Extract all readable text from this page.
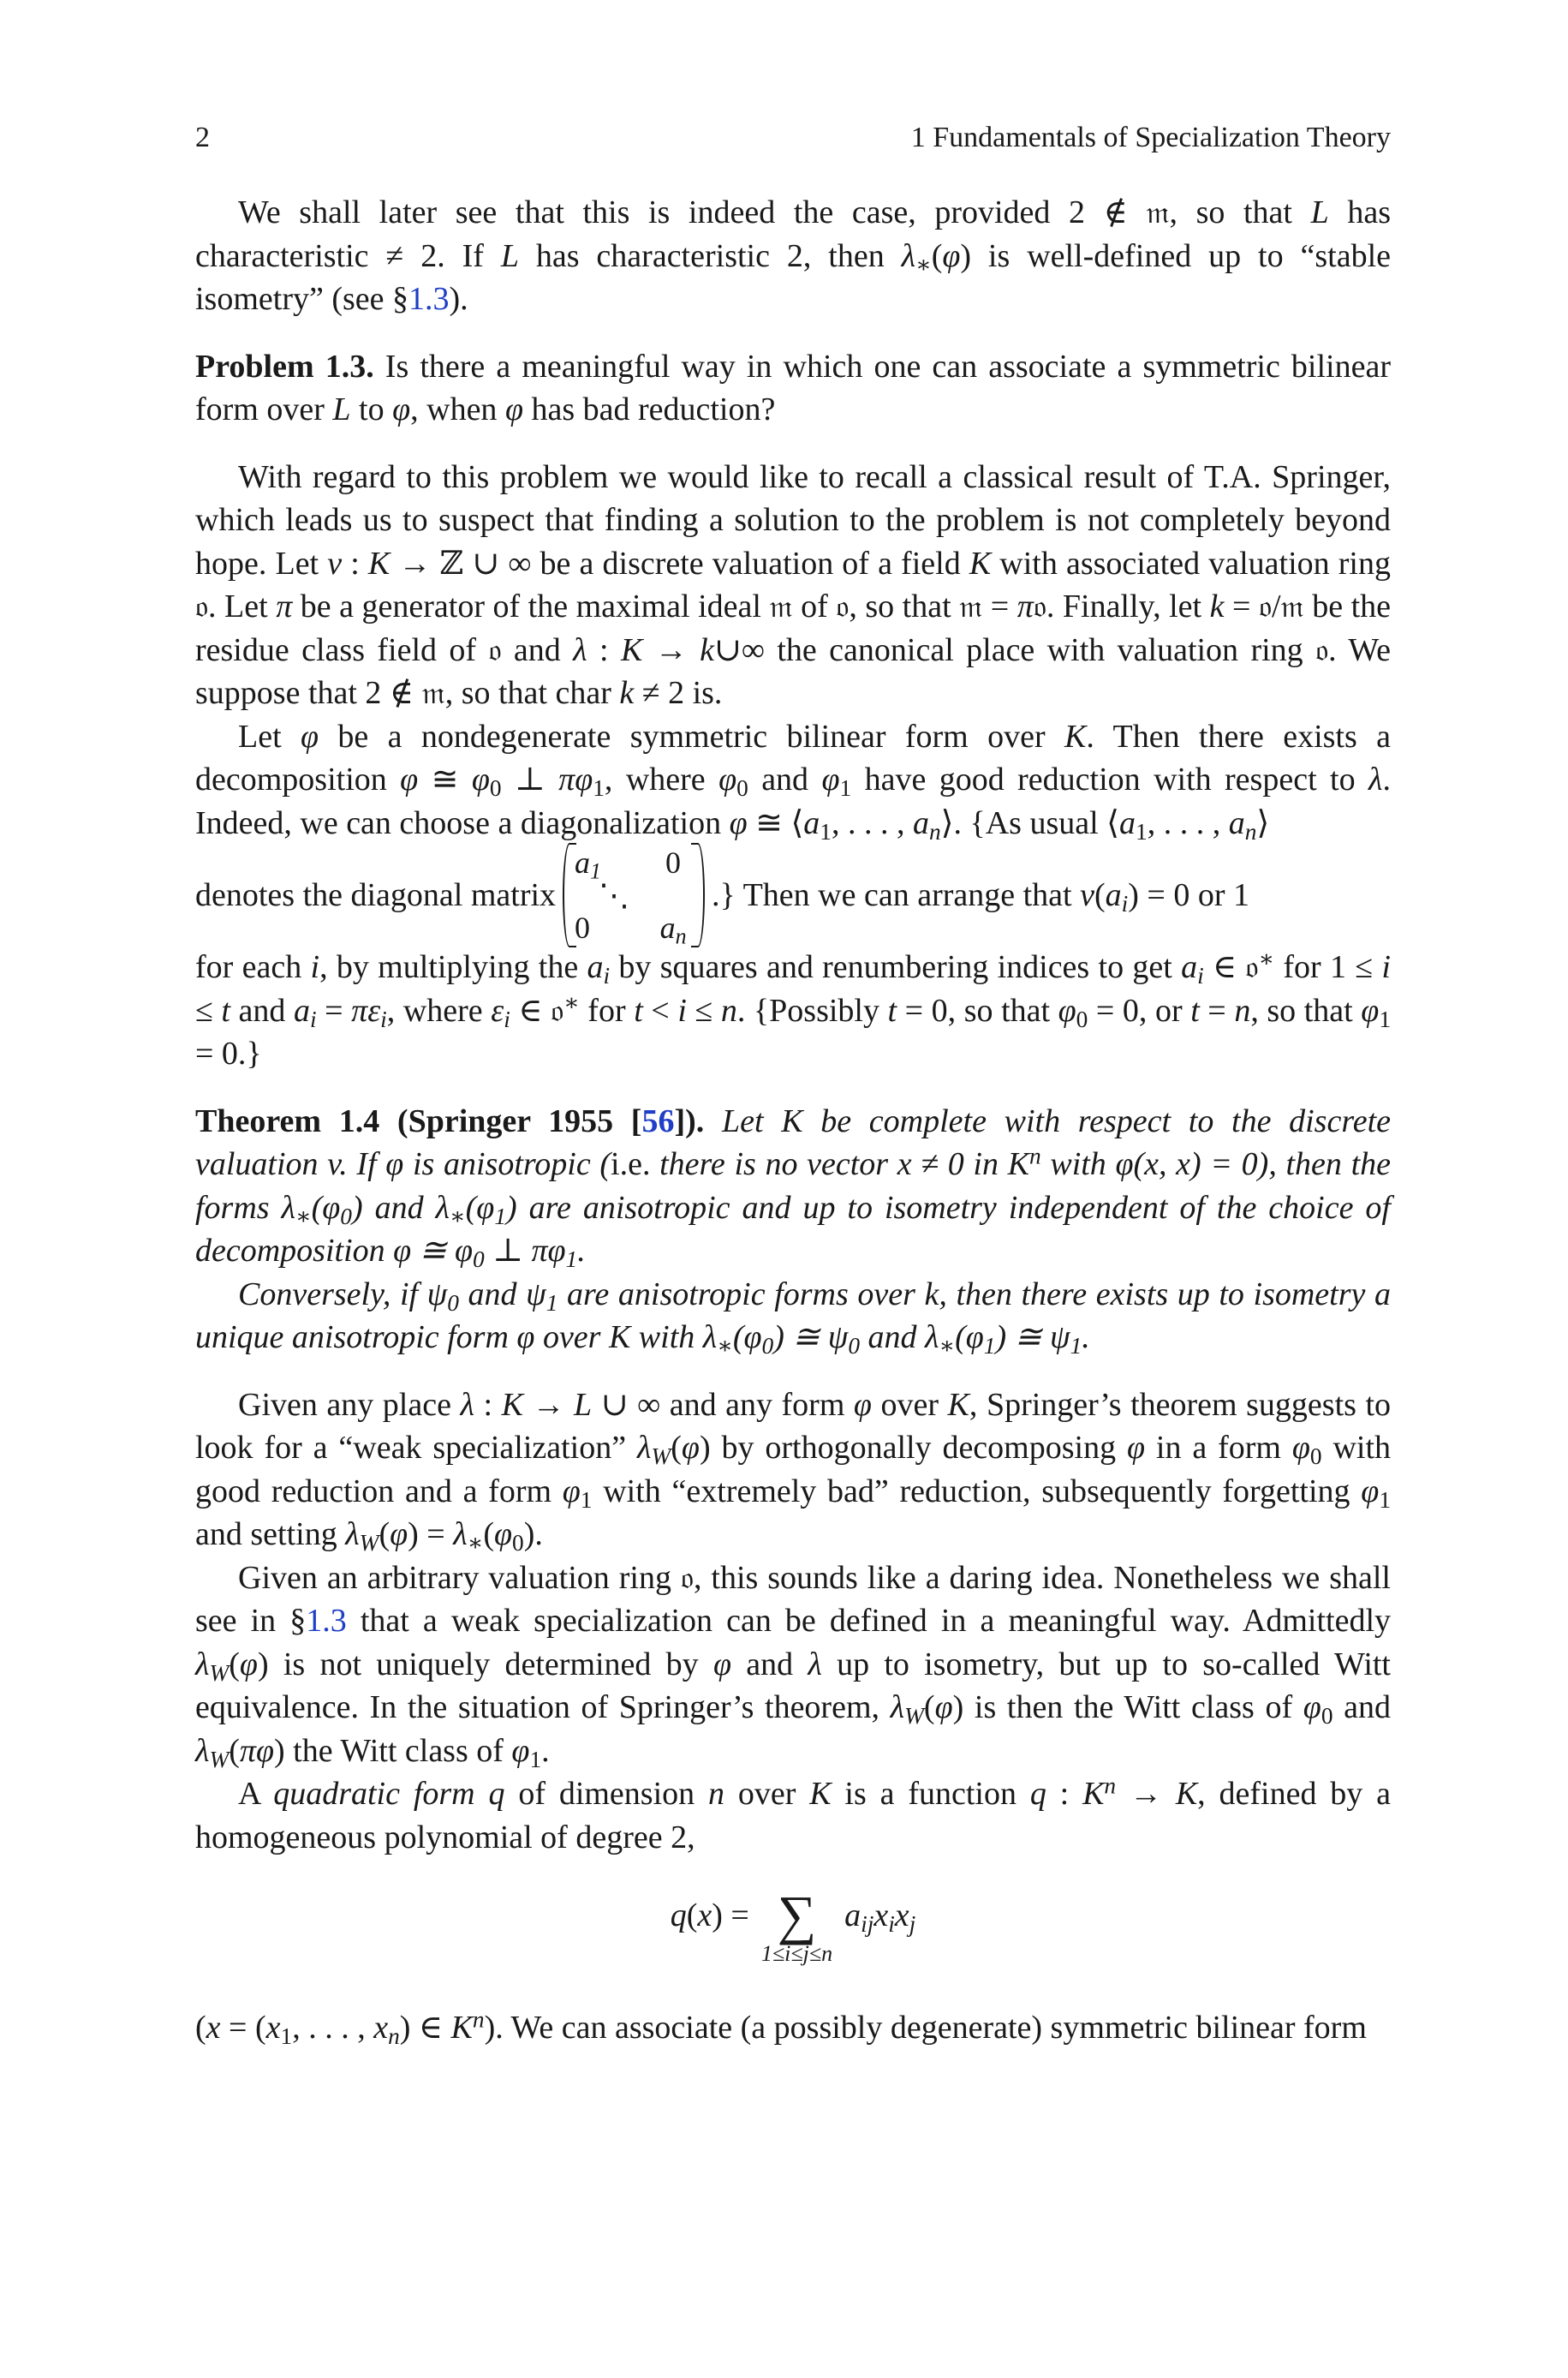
2	1 Fundamentals of Specialization Theory

We shall later see that this is indeed the case, provided 2 ∉ 𝔪, so that L has characteristic ≠ 2. If L has characteristic 2, then $\lambda_∗(\varphi)$ is well-defined up to “stable isometry” (see §1.3).

Problem 1.3. Is there a meaningful way in which one can associate a symmetric bilinear form over L to φ, when φ has bad reduction?

With regard to this problem we would like to recall a classical result of T.A. Springer, which leads us to suspect that finding a solution to the problem is not completely beyond hope. Let v : K → ℤ ∪ ∞ be a discrete valuation of a field K with associated valuation ring 𝔬. Let π be a generator of the maximal ideal 𝔪 of 𝔬, so that 𝔪 = π𝔬. Finally, let k = 𝔬/𝔪 be the residue class field of 𝔬 and λ : K → k∪∞ the canonical place with valuation ring 𝔬. We suppose that 2 ∉ 𝔪, so that char k ≠ 2 is.

Let φ be a nondegenerate symmetric bilinear form over K. Then there exists a decomposition φ ≅ $\varphi_0$ ⊥ $\pi\varphi_1$, where $\varphi_0$ and $\varphi_1$ have good reduction with respect to λ. Indeed, we can choose a diagonalization φ ≅ $⟨a_1$, . . . , $a_n⟩$. {As usual $⟨a_1$, . . . , $a_n⟩$

denotes the diagonal matrix
$a_1$	0
⋱
0	$a_n$
.} Then we can arrange that $v(a_i) = 0$ or 1

for each i, by multiplying the $a_i$ by squares and renumbering indices to get $a_i$ ∈ 𝔬∗ for 1 ≤ i ≤ t and $a_i = \pi\varepsilon_i$, where $\varepsilon_i$ ∈ 𝔬∗ for t < i ≤ n. {Possibly t = 0, so that $\varphi_0 = 0$, or t = n, so that $\varphi_1 = 0$.}

Theorem 1.4 (Springer 1955 [56]). Let K be complete with respect to the discrete valuation v. If φ is anisotropic (i.e. there is no vector x ≠ 0 in $K^n$ with φ(x, x) = 0), then the forms $\lambda_∗(\varphi_0)$ and $\lambda_∗(\varphi_1)$ are anisotropic and up to isometry independent of the choice of decomposition φ ≅ $\varphi_0$ ⊥ $\pi\varphi_1$.

Conversely, if $\psi_0$ and $\psi_1$ are anisotropic forms over k, then there exists up to isometry a unique anisotropic form φ over K with $\lambda_∗(\varphi_0)$ ≅ $\psi_0$ and $\lambda_∗(\varphi_1)$ ≅ $\psi_1$.

Given any place λ : K → L ∪ ∞ and any form φ over K, Springer’s theorem suggests to look for a “weak specialization” $\lambda_W(\varphi)$ by orthogonally decomposing φ in a form $\varphi_0$ with good reduction and a form $\varphi_1$ with “extremely bad” reduction, subsequently forgetting $\varphi_1$ and setting $\lambda_W(\varphi) = \lambda_∗(\varphi_0)$.

Given an arbitrary valuation ring 𝔬, this sounds like a daring idea. Nonetheless we shall see in §1.3 that a weak specialization can be defined in a meaningful way. Admittedly $\lambda_W(\varphi)$ is not uniquely determined by φ and λ up to isometry, but up to so-called Witt equivalence. In the situation of Springer’s theorem, $\lambda_W(\varphi)$ is then the Witt class of $\varphi_0$ and $\lambda_W(\pi\varphi)$ the Witt class of $\varphi_1$.

A quadratic form q of dimension n over K is a function q : $K^n \to K$, defined by a homogeneous polynomial of degree 2,

q(x) = ∑
1≤i≤j≤n
$a_{ij}x_ix_j$

($x = (x_1$, . . . , $x_n$) ∈ $K^n$). We can associate (a possibly degenerate) symmetric bilinear form
